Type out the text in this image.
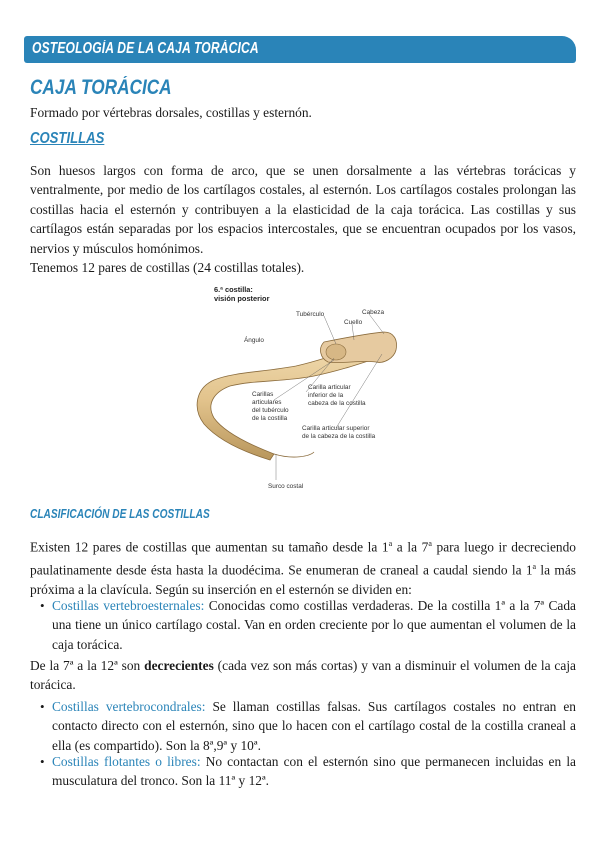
OSTEOLOGÍA DE LA CAJA TORÁCICA
CAJA TORÁCICA

Formado por vértebras dorsales, costillas y esternón.

COSTILLAS

Son huesos largos con forma de arco, que se unen dorsalmente a las vértebras torácicas y ventralmente, por medio de los cartílagos costales, al esternón. Los cartílagos costales prolongan las costillas hacia el esternón y contribuyen a la elasticidad de la caja torácica. Las costillas y sus cartílagos están separadas por los espacios intercostales, que se encuentran ocupados por los vasos, nervios y músculos homónimos.

Tenemos 12 pares de costillas (24 costillas totales).

6.ª costilla:
visión posterior
Cabeza
Tubérculo
Cuello
Ángulo
Carilla articular
inferior de la
cabeza de la costilla
Carillas
articulares
del tubérculo
de la costilla
Carilla articular superior
de la cabeza de la costilla
Surco costal
CLASIFICACIÓN DE LAS COSTILLAS

Existen 12 pares de costillas que aumentan su tamaño desde la 1$^a$ a la 7$^a$ para luego ir decreciendo paulatinamente desde ésta hasta la duodécima. Se enumeran de craneal a caudal siendo la 1$^a$ la más próxima a la clavícula. Según su inserción en el esternón se dividen en:

• Costillas vertebroesternales: Conocidas como costillas verdaderas. De la costilla 1ª a la 7ª Cada una tiene un único cartílago costal. Van en orden creciente por lo que aumentan el volumen de la caja torácica.

De la 7ª a la 12ª son decrecientes (cada vez son más cortas) y van a disminuir el volumen de la caja torácica.

• Costillas vertebrocondrales: Se llaman costillas falsas. Sus cartílagos costales no entran en contacto directo con el esternón, sino que lo hacen con el cartílago costal de la costilla craneal a ella (es compartido). Son la 8ª,9ª y 10ª.

• Costillas flotantes o libres: No contactan con el esternón sino que permanecen incluidas en la musculatura del tronco. Son la 11ª y 12ª.
